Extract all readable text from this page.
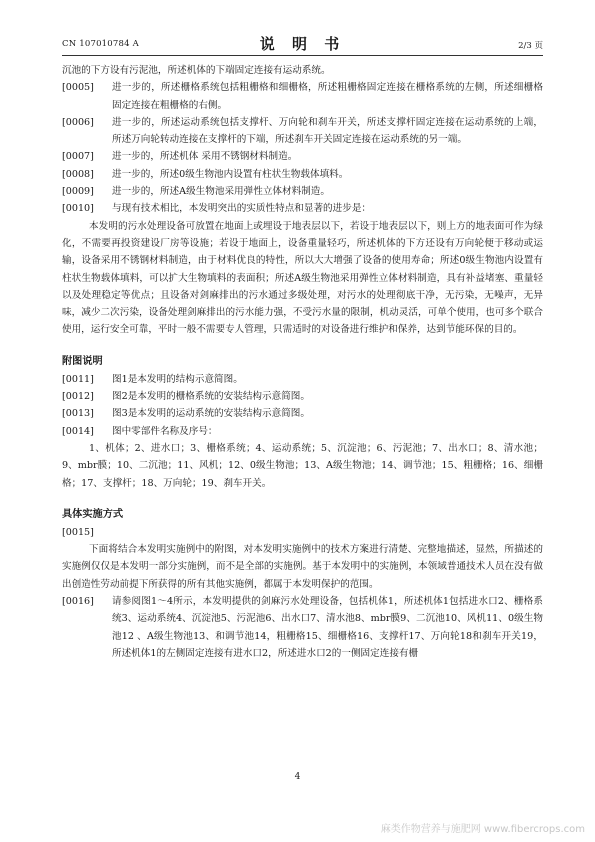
CN 107010784 A	说 明 书	2/3 页

沉池的下方设有污泥池，所述机体的下端固定连接有运动系统。

[0005]	进一步的，所述栅格系统包括粗栅格和细栅格，所述粗栅格固定连接在栅格系统的左侧，所述细栅格固定连接在粗栅格的右侧。
[0006]	进一步的，所述运动系统包括支撑杆、万向轮和刹车开关，所述支撑杆固定连接在运动系统的上端，所述万向轮转动连接在支撑杆的下端，所述刹车开关固定连接在运动系统的另一端。
[0007]	进一步的，所述机体 采用不锈钢材料制造。
[0008]	进一步的，所述0级生物池内设置有柱状生物载体填料。
[0009]	进一步的，所述A级生物池采用弹性立体材料制造。
[0010]	与现有技术相比，本发明突出的实质性特点和显著的进步是：

本发明的污水处理设备可放置在地面上或埋设于地表层以下，若设于地表层以下，则上方的地表面可作为绿化，不需要再投资建设厂房等设施；若设于地面上，设备重量轻巧，所述机体的下方还设有万向轮便于移动或运输，设备采用不锈钢材料制造，由于材料优良的特性，所以大大增强了设备的使用寿命；所述0级生物池内设置有柱状生物载体填料，可以扩大生物填料的表面积；所述A级生物池采用弹性立体材料制造，具有补益堵塞、重量轻以及处理稳定等优点；且设备对剑麻排出的污水通过多级处理，对污水的处理彻底干净，无污染，无噪声，无异味，减少二次污染，设备处理剑麻排出的污水能力强，不受污水量的限制，机动灵活，可单个使用，也可多个联合使用，运行安全可靠，平时一般不需要专人管理，只需适时的对设备进行维护和保养，达到节能环保的目的。

附图说明
[0011]	图1是本发明的结构示意简图。
[0012]	图2是本发明的栅格系统的安装结构示意简图。
[0013]	图3是本发明的运动系统的安装结构示意简图。
[0014]	图中零部件名称及序号：

1、机体；2、进水口；3、栅格系统；4、运动系统；5、沉淀池；6、污泥池；7、出水口；8、清水池；9、mbr膜；10、二沉池；11、风机；12、0级生物池；13、A级生物池；14、调节池；15、粗栅格；16、细栅格；17、支撑杆；18、万向轮；19、刹车开关。

具体实施方式

[0015]

下面将结合本发明实施例中的附图，对本发明实施例中的技术方案进行清楚、完整地描述，显然，所描述的实施例仅仅是本发明一部分实施例，而不是全部的实施例。基于本发明中的实施例，本领域普通技术人员在没有做出创造性劳动前提下所获得的所有其他实施例，都属于本发明保护的范围。

[0016]	请参阅图1～4所示，本发明提供的剑麻污水处理设备，包括机体1，所述机体1包括进水口2、栅格系统3、运动系统4、沉淀池5、污泥池6、出水口7、清水池8、mbr膜9、二沉池10、风机11、0级生物池12 、A级生物池13、和调节池14，粗栅格15、细栅格16、支撑杆17、万向轮18和刹车开关19，所述机体1的左侧固定连接有进水口2，所述进水口2的一侧固定连接有栅
4
麻类作物营养与施肥网 www.fibercrops.com
